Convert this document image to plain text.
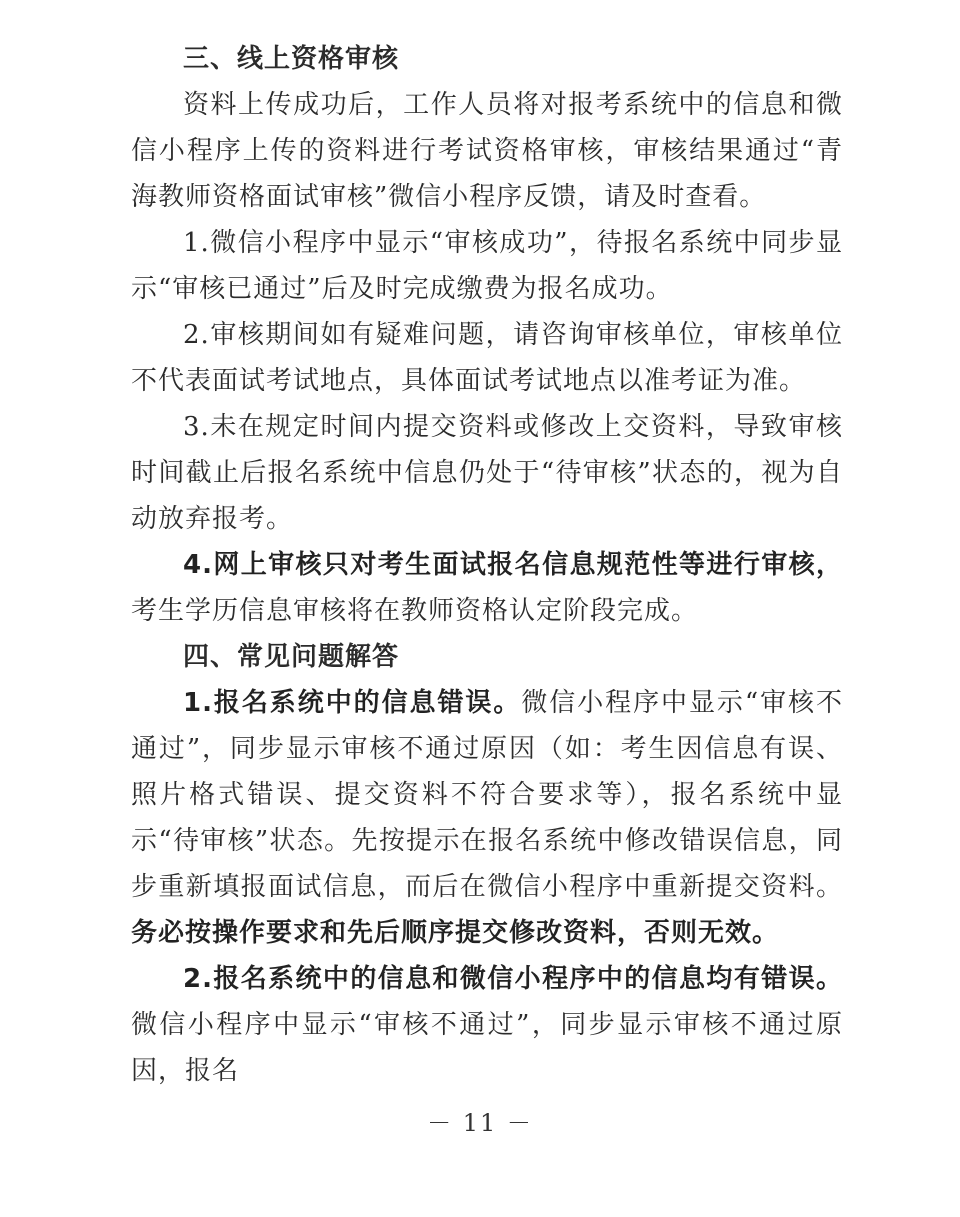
三、线上资格审核

资料上传成功后，工作人员将对报考系统中的信息和微信小程序上传的资料进行考试资格审核，审核结果通过“青海教师资格面试审核”微信小程序反馈，请及时查看。

1.微信小程序中显示“审核成功”，待报名系统中同步显示“审核已通过”后及时完成缴费为报名成功。

2.审核期间如有疑难问题，请咨询审核单位，审核单位不代表面试考试地点，具体面试考试地点以准考证为准。

3.未在规定时间内提交资料或修改上交资料，导致审核时间截止后报名系统中信息仍处于“待审核”状态的，视为自动放弃报考。

4.网上审核只对考生面试报名信息规范性等进行审核，考生学历信息审核将在教师资格认定阶段完成。

四、常见问题解答

1.报名系统中的信息错误。微信小程序中显示“审核不通过”，同步显示审核不通过原因（如：考生因信息有误、照片格式错误、提交资料不符合要求等），报名系统中显示“待审核”状态。先按提示在报名系统中修改错误信息，同步重新填报面试信息，而后在微信小程序中重新提交资料。务必按操作要求和先后顺序提交修改资料，否则无效。

2.报名系统中的信息和微信小程序中的信息均有错误。微信小程序中显示“审核不通过”，同步显示审核不通过原因，报名

－ 11 －
